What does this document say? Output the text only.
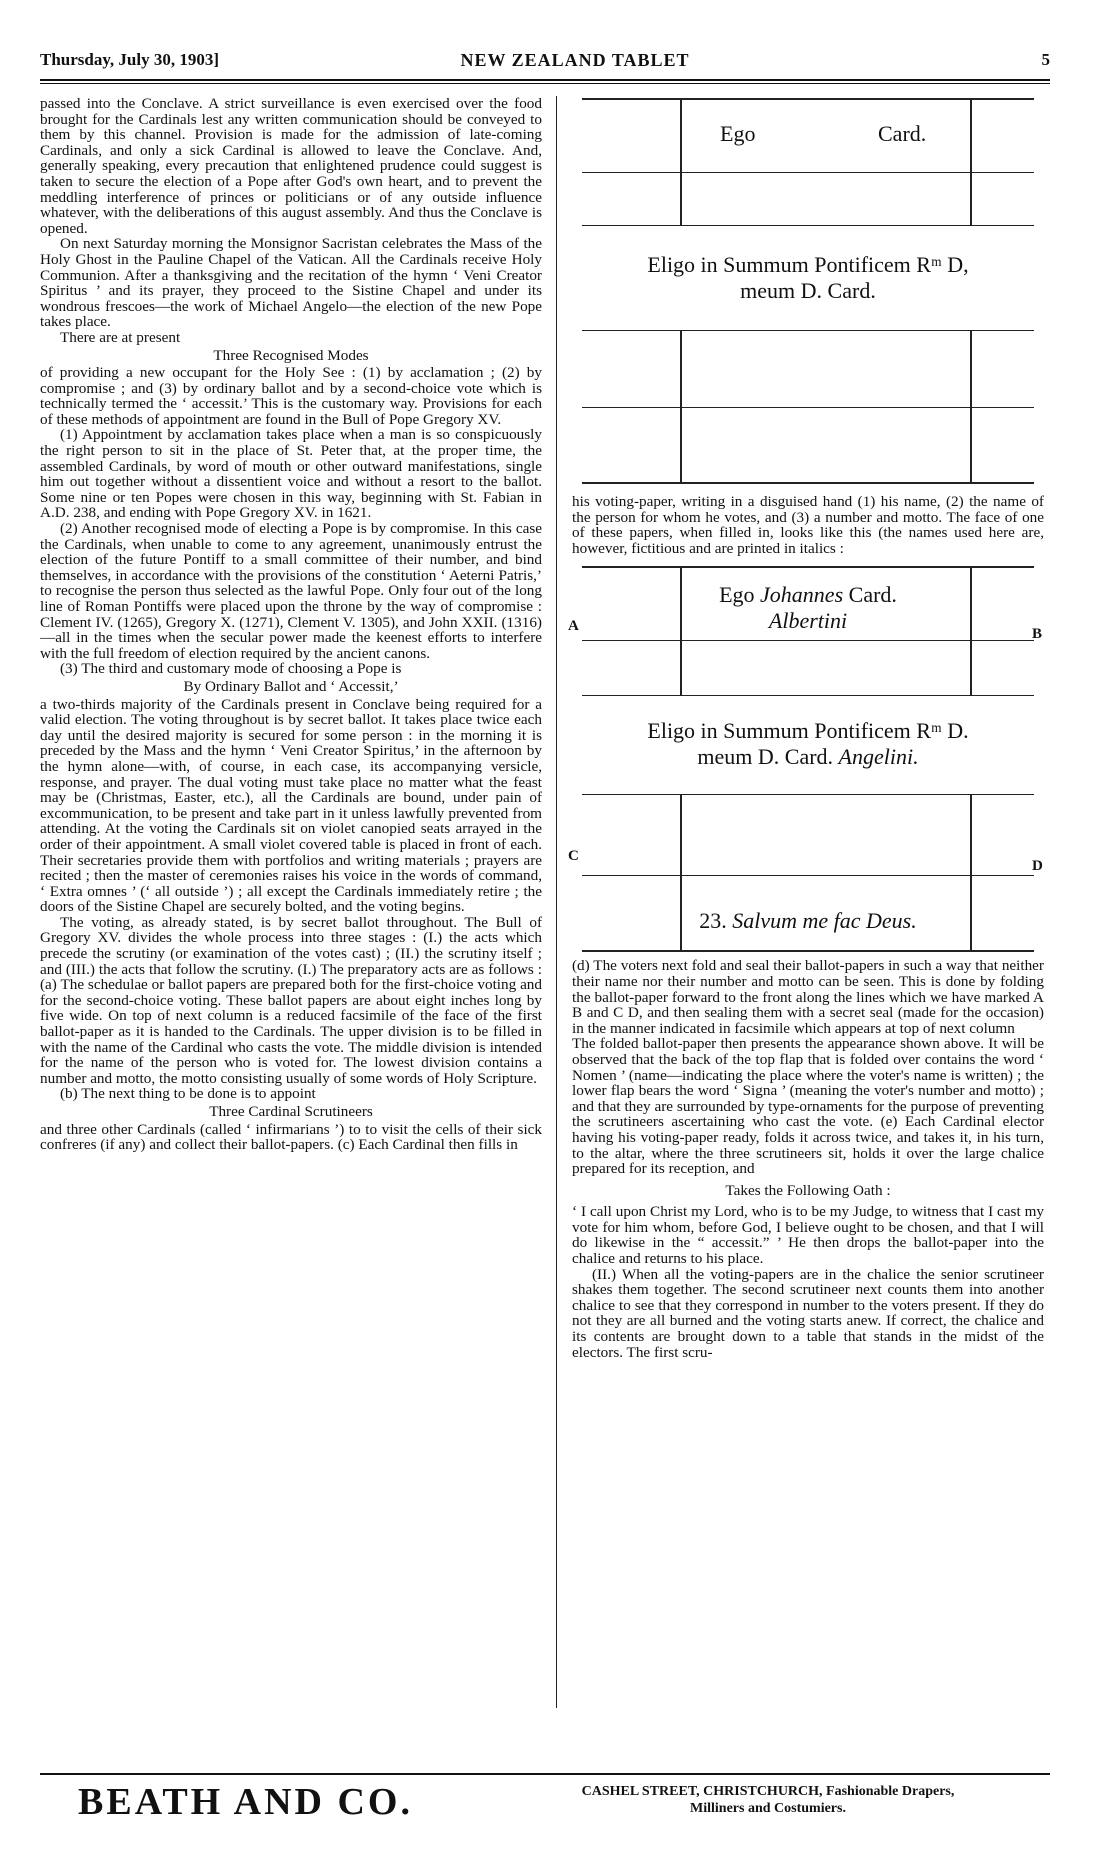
Thursday, July 30, 1903]	NEW ZEALAND TABLET	5

passed into the Conclave. A strict surveillance is even exercised over the food brought for the Cardinals lest any written communication should be conveyed to them by this channel. Provision is made for the admission of late-coming Cardinals, and only a sick Cardinal is allowed to leave the Conclave. And, generally speaking, every precaution that enlightened prudence could suggest is taken to secure the election of a Pope after God's own heart, and to prevent the meddling interference of princes or politicians or of any outside influence whatever, with the deliberations of this august assembly. And thus the Conclave is opened.

On next Saturday morning the Monsignor Sacristan celebrates the Mass of the Holy Ghost in the Pauline Chapel of the Vatican. All the Cardinals receive Holy Communion. After a thanksgiving and the recitation of the hymn ‘ Veni Creator Spiritus ’ and its prayer, they proceed to the Sistine Chapel and under its wondrous frescoes—the work of Michael Angelo—the election of the new Pope takes place.

There are at present

Three Recognised Modes

of providing a new occupant for the Holy See : (1) by acclamation ; (2) by compromise ; and (3) by ordinary ballot and by a second-choice vote which is technically termed the ‘ accessit.’ This is the customary way. Provisions for each of these methods of appointment are found in the Bull of Pope Gregory XV.

(1) Appointment by acclamation takes place when a man is so conspicuously the right person to sit in the place of St. Peter that, at the proper time, the assembled Cardinals, by word of mouth or other outward manifestations, single him out together without a dissentient voice and without a resort to the ballot. Some nine or ten Popes were chosen in this way, beginning with St. Fabian in A.D. 238, and ending with Pope Gregory XV. in 1621.

(2) Another recognised mode of electing a Pope is by compromise. In this case the Cardinals, when unable to come to any agreement, unanimously entrust the election of the future Pontiff to a small committee of their number, and bind themselves, in accordance with the provisions of the constitution ‘ Aeterni Patris,’ to recognise the person thus selected as the lawful Pope. Only four out of the long line of Roman Pontiffs were placed upon the throne by the way of compromise : Clement IV. (1265), Gregory X. (1271), Clement V. 1305), and John XXII. (1316)—all in the times when the secular power made the keenest efforts to interfere with the full freedom of election required by the ancient canons.

(3) The third and customary mode of choosing a Pope is

By Ordinary Ballot and ‘ Accessit,’

a two-thirds majority of the Cardinals present in Conclave being required for a valid election. The voting throughout is by secret ballot. It takes place twice each day until the desired majority is secured for some person : in the morning it is preceded by the Mass and the hymn ‘ Veni Creator Spiritus,’ in the afternoon by the hymn alone—with, of course, in each case, its accompanying versicle, response, and prayer. The dual voting must take place no matter what the feast may be (Christmas, Easter, etc.), all the Cardinals are bound, under pain of excommunication, to be present and take part in it unless lawfully prevented from attending. At the voting the Cardinals sit on violet canopied seats arrayed in the order of their appointment. A small violet covered table is placed in front of each. Their secretaries provide them with portfolios and writing materials ; prayers are recited ; then the master of ceremonies raises his voice in the words of command, ‘ Extra omnes ’ (‘ all outside ’) ; all except the Cardinals immediately retire ; the doors of the Sistine Chapel are securely bolted, and the voting begins.

The voting, as already stated, is by secret ballot throughout. The Bull of Gregory XV. divides the whole process into three stages : (I.) the acts which precede the scrutiny (or examination of the votes cast) ; (II.) the scrutiny itself ; and (III.) the acts that follow the scrutiny. (I.) The preparatory acts are as follows : (a) The schedulae or ballot papers are prepared both for the first-choice voting and for the second-choice voting. These ballot papers are about eight inches long by five wide. On top of next column is a reduced facsimile of the face of the first ballot-paper as it is handed to the Cardinals. The upper division is to be filled in with the name of the Cardinal who casts the vote. The middle division is intended for the name of the person who is voted for. The lowest division contains a number and motto, the motto consisting usually of some words of Holy Scripture.

(b) The next thing to be done is to appoint

Three Cardinal Scrutineers

and three other Cardinals (called ‘ infirmarians ’) to to visit the cells of their sick confreres (if any) and collect their ballot-papers. (c) Each Cardinal then fills in

Ego	Card.
Eligo in Summum Pontificem Rᵐ D,
meum D. Card.

his voting-paper, writing in a disguised hand (1) his name, (2) the name of the person for whom he votes, and (3) a number and motto. The face of one of these papers, when filled in, looks like this (the names used here are, however, fictitious and are printed in italics :

A	B
C
D
Ego Johannes Card.
Albertini
Eligo in Summum Pontificem Rᵐ D.
meum D. Card. Angelini.
23. Salvum me fac Deus.

(d) The voters next fold and seal their ballot-papers in such a way that neither their name nor their number and motto can be seen. This is done by folding the ballot-paper forward to the front along the lines which we have marked A B and C D, and then sealing them with a secret seal (made for the occasion) in the manner indicated in facsimile which appears at top of next column

The folded ballot-paper then presents the appearance shown above. It will be observed that the back of the top flap that is folded over contains the word ‘ Nomen ’ (name—indicating the place where the voter's name is written) ; the lower flap bears the word ‘ Signa ’ (meaning the voter's number and motto) ; and that they are surrounded by type-ornaments for the purpose of preventing the scrutineers ascertaining who cast the vote. (e) Each Cardinal elector having his voting-paper ready, folds it across twice, and takes it, in his turn, to the altar, where the three scrutineers sit, holds it over the large chalice prepared for its reception, and

Takes the Following Oath :

‘ I call upon Christ my Lord, who is to be my Judge, to witness that I cast my vote for him whom, before God, I believe ought to be chosen, and that I will do likewise in the “ accessit.” ’ He then drops the ballot-paper into the chalice and returns to his place.

(II.) When all the voting-papers are in the chalice the senior scrutineer shakes them together. The second scrutineer next counts them into another chalice to see that they correspond in number to the voters present. If they do not they are all burned and the voting starts anew. If correct, the chalice and its contents are brought down to a table that stands in the midst of the electors. The first scru-

BEATH AND CO.	CASHEL STREET, CHRISTCHURCH, Fashionable Drapers,
Milliners and Costumiers.
